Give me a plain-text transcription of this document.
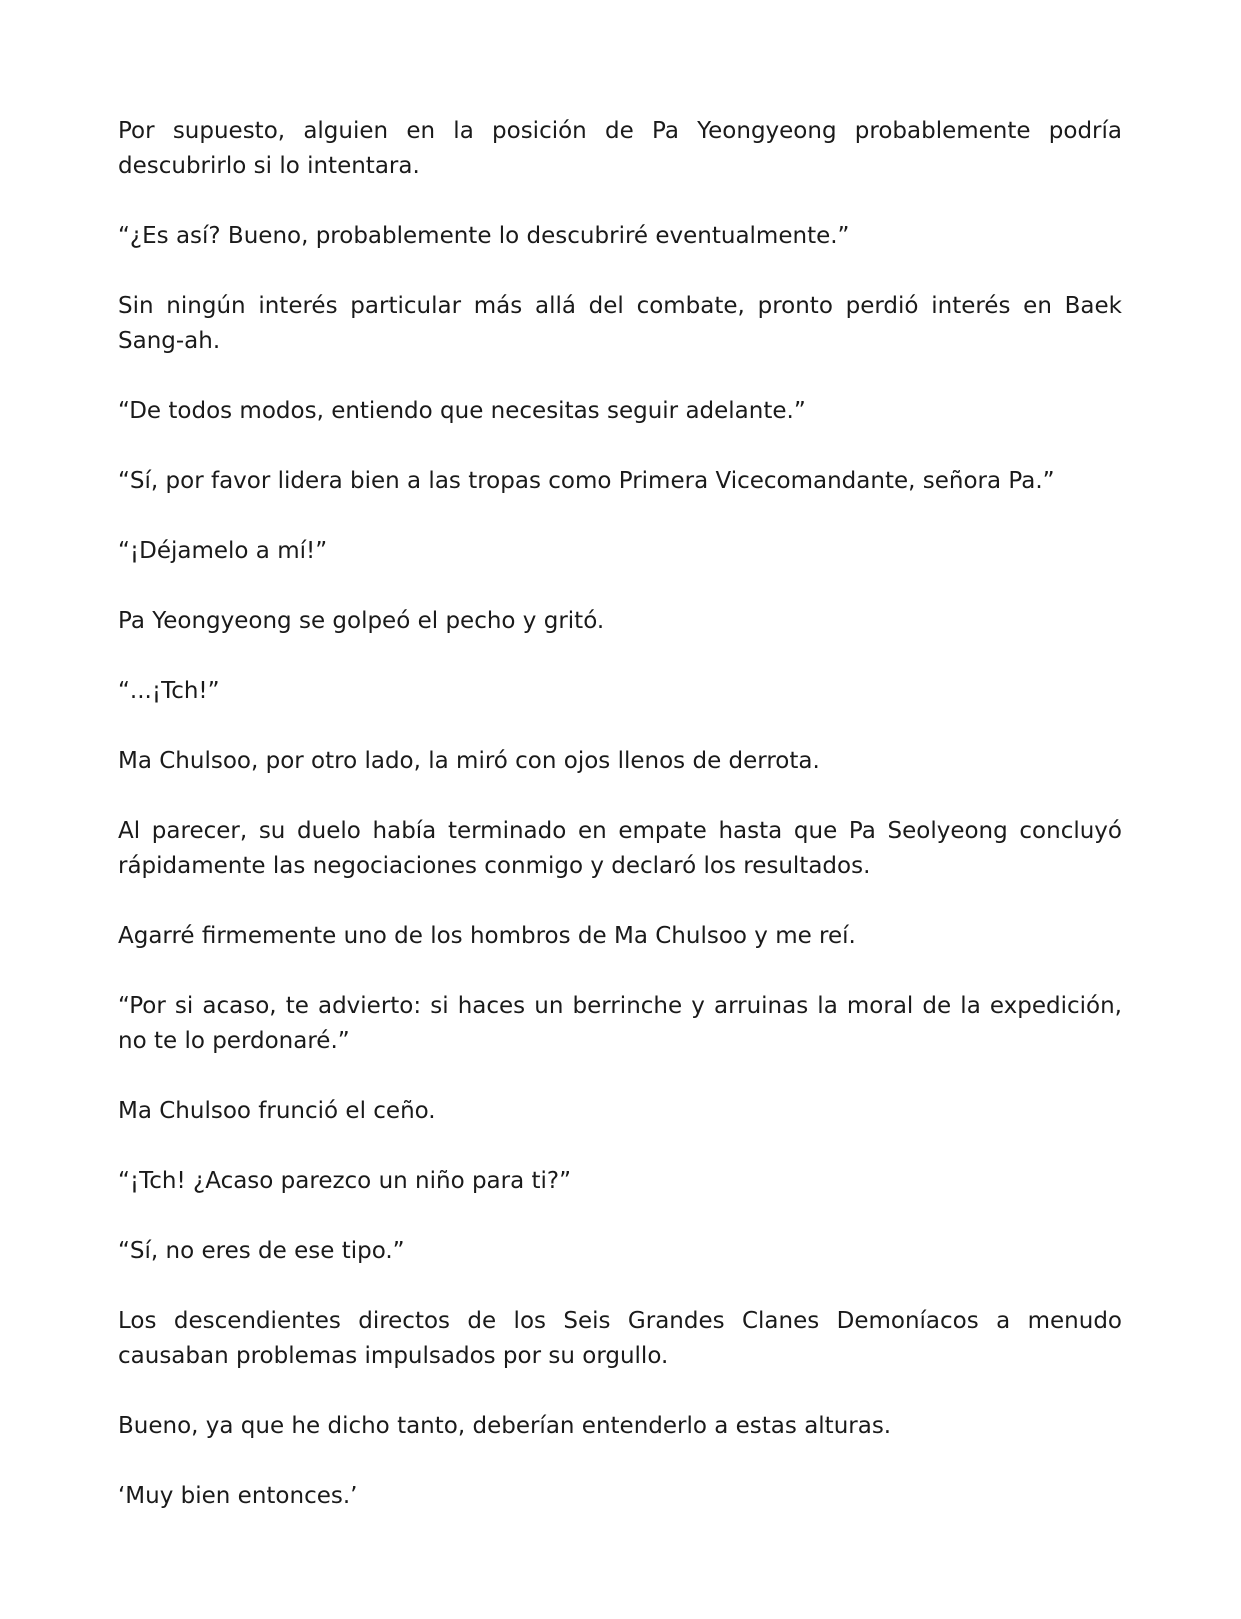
Por supuesto, alguien en la posición de Pa Yeongyeong probablemente podría descubrirlo si lo intentara.

“¿Es así? Bueno, probablemente lo descubriré eventualmente.”

Sin ningún interés particular más allá del combate, pronto perdió interés en Baek Sang-ah.

“De todos modos, entiendo que necesitas seguir adelante.”

“Sí, por favor lidera bien a las tropas como Primera Vicecomandante, señora Pa.”

“¡Déjamelo a mí!”

Pa Yeongyeong se golpeó el pecho y gritó.

“...¡Tch!”

Ma Chulsoo, por otro lado, la miró con ojos llenos de derrota.

Al parecer, su duelo había terminado en empate hasta que Pa Seolyeong concluyó rápidamente las negociaciones conmigo y declaró los resultados.

Agarré firmemente uno de los hombros de Ma Chulsoo y me reí.

“Por si acaso, te advierto: si haces un berrinche y arruinas la moral de la expedición, no te lo perdonaré.”

Ma Chulsoo frunció el ceño.

“¡Tch! ¿Acaso parezco un niño para ti?”

“Sí, no eres de ese tipo.”

Los descendientes directos de los Seis Grandes Clanes Demoníacos a menudo causaban problemas impulsados por su orgullo.

Bueno, ya que he dicho tanto, deberían entenderlo a estas alturas.

‘Muy bien entonces.’
